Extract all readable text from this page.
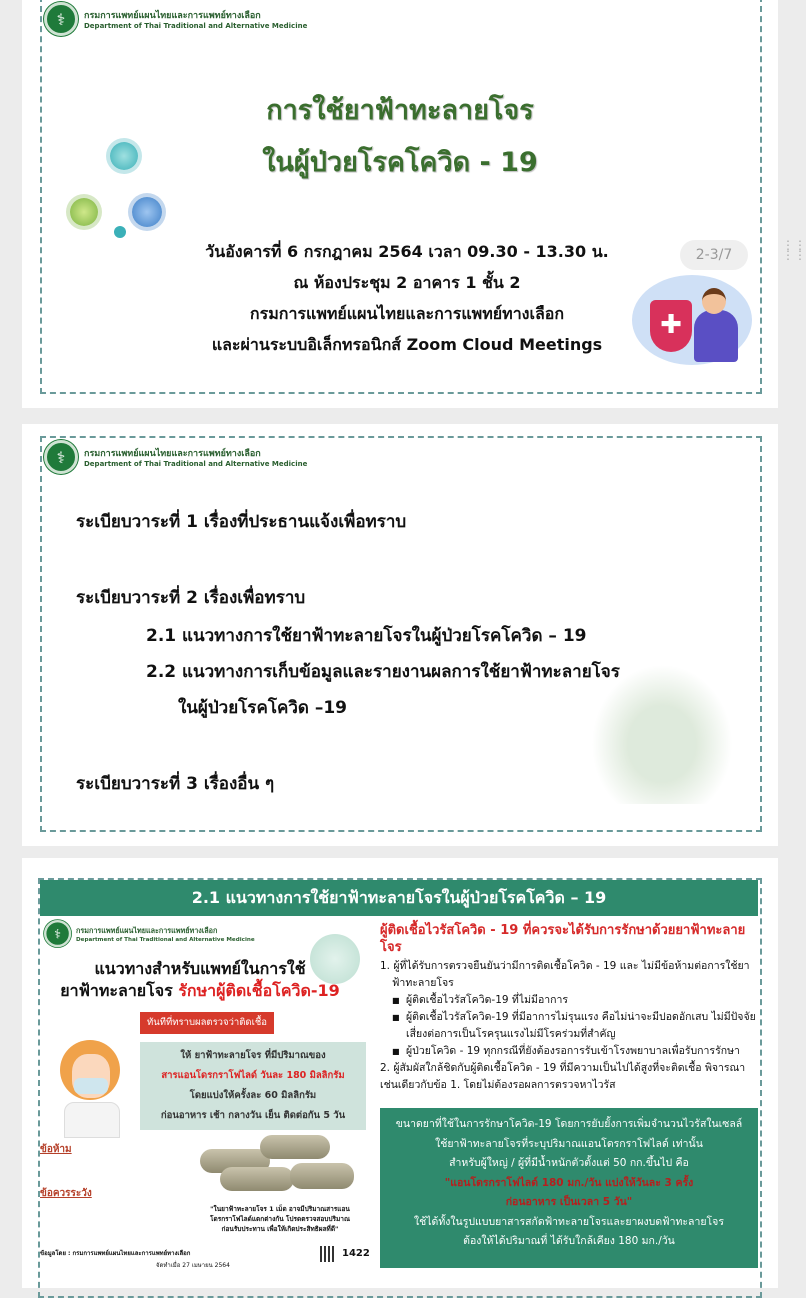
⚕	กรมการแพทย์แผนไทยและการแพทย์ทางเลือก
Department of Thai Traditional and Alternative Medicine
การใช้ยาฟ้าทะลายโจร
ในผู้ป่วยโรคโควิด - 19
วันอังคารที่ 6 กรกฎาคม 2564 เวลา 09.30 - 13.30 น.
ณ ห้องประชุม 2 อาคาร 1 ชั้น 2
กรมการแพทย์แผนไทยและการแพทย์ทางเลือก
และผ่านระบบอิเล็กทรอนิกส์ Zoom Cloud Meetings
✚
2-3/7
⋮⋮
⋮⋮
⚕	กรมการแพทย์แผนไทยและการแพทย์ทางเลือก
Department of Thai Traditional and Alternative Medicine
ระเบียบวาระที่ 1 เรื่องที่ประธานแจ้งเพื่อทราบ
ระเบียบวาระที่ 2 เรื่องเพื่อทราบ
2.1 แนวทางการใช้ยาฟ้าทะลายโจรในผู้ป่วยโรคโควิด – 19
2.2 แนวทางการเก็บข้อมูลและรายงานผลการใช้ยาฟ้าทะลายโจร
ในผู้ป่วยโรคโควิด –19
ระเบียบวาระที่ 3 เรื่องอื่น ๆ
2.1 แนวทางการใช้ยาฟ้าทะลายโจรในผู้ป่วยโรคโควิด – 19
⚕	กรมการแพทย์แผนไทยและการแพทย์ทางเลือก
Department of Thai Traditional and Alternative Medicine
แนวทางสำหรับแพทย์ในการใช้
ยาฟ้าทะลายโจร รักษาผู้ติดเชื้อโควิด-19
ทันทีที่ทราบผลตรวจว่าติดเชื้อ
ให้ ยาฟ้าทะลายโจร ที่มีปริมาณของ
สารแอนโดรกราโฟไลด์ วันละ 180 มิลลิกรัม
โดยแบ่งให้ครั้งละ 60 มิลลิกรัม
ก่อนอาหาร เช้า กลางวัน เย็น ติดต่อกัน 5 วัน
ข้อห้าม
ข้อควรระวัง
"ในยาฟ้าทะลายโจร 1 เม็ด อาจมีปริมาณสารแอนโดรกราโฟไลด์แตกต่างกัน โปรดตรวจสอบปริมาณก่อนรับประทาน เพื่อให้เกิดประสิทธิผลที่ดี"
ข้อมูลโดย : กรมการแพทย์แผนไทยและการแพทย์ทางเลือก
จัดทำเมื่อ 27 เมษายน 2564
1422
ผู้ติดเชื้อไวรัสโควิด - 19 ที่ควรจะได้รับการรักษาด้วยยาฟ้าทะลายโจร
1. ผู้ที่ได้รับการตรวจยืนยันว่ามีการติดเชื้อโควิด - 19 และ ไม่มีข้อห้ามต่อการใช้ยา
ฟ้าทะลายโจร
■ ผู้ติดเชื้อไวรัสโควิด-19 ที่ไม่มีอาการ
■ ผู้ติดเชื้อไวรัสโควิด-19 ที่มีอาการไม่รุนแรง คือไม่น่าจะมีปอดอักเสบ ไม่มีปัจจัยเสี่ยงต่อการเป็นโรครุนแรงไม่มีโรคร่วมที่สำคัญ
■ ผู้ป่วยโควิด - 19 ทุกกรณีที่ยังต้องรอการรับเข้าโรงพยาบาลเพื่อรับการรักษา
2. ผู้สัมผัสใกล้ชิดกับผู้ติดเชื้อโควิด - 19 ที่มีความเป็นไปได้สูงที่จะติดเชื้อ พิจารณาเช่นเดียวกับข้อ 1. โดยไม่ต้องรอผลการตรวจหาไวรัส
ขนาดยาที่ใช้ในการรักษาโควิด-19 โดยการยับยั้งการเพิ่มจำนวนไวรัสในเซลล์
ใช้ยาฟ้าทะลายโจรที่ระบุปริมาณแอนโดรกราโฟไลด์ เท่านั้น
สำหรับผู้ใหญ่ / ผู้ที่มีน้ำหนักตัวตั้งแต่ 50 กก.ขึ้นไป คือ
"แอนโดรกราโฟไลด์ 180 มก./วัน แบ่งให้วันละ 3 ครั้ง
ก่อนอาหาร เป็นเวลา 5 วัน"
ใช้ได้ทั้งในรูปแบบยาสารสกัดฟ้าทะลายโจรและยาผงบดฟ้าทะลายโจร
ต้องให้ได้ปริมาณที่ ได้รับใกล้เคียง 180 มก./วัน
